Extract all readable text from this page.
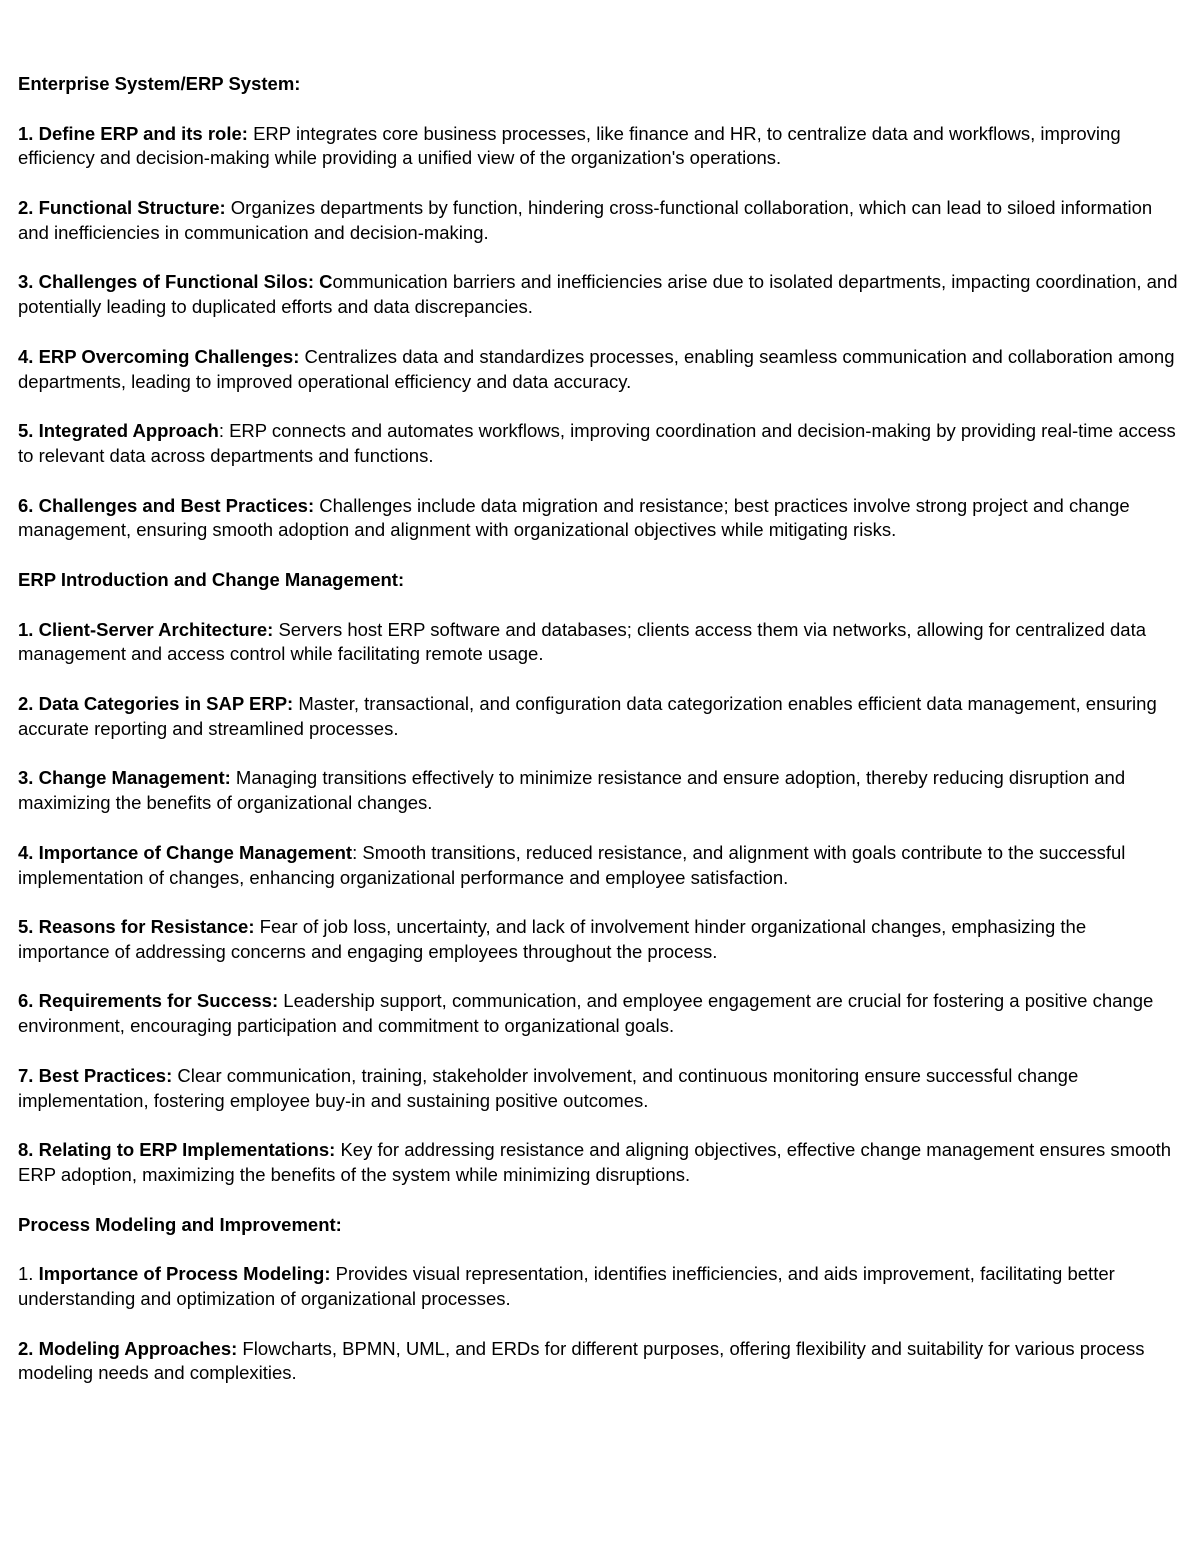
Enterprise System/ERP System:
1. Define ERP and its role: ERP integrates core business processes, like finance and HR, to centralize data and workflows, improving efficiency and decision-making while providing a unified view of the organization's operations.
2. Functional Structure: Organizes departments by function, hindering cross-functional collaboration, which can lead to siloed information and inefficiencies in communication and decision-making.
3. Challenges of Functional Silos: Communication barriers and inefficiencies arise due to isolated departments, impacting coordination, and potentially leading to duplicated efforts and data discrepancies.
4. ERP Overcoming Challenges: Centralizes data and standardizes processes, enabling seamless communication and collaboration among departments, leading to improved operational efficiency and data accuracy.
5. Integrated Approach: ERP connects and automates workflows, improving coordination and decision-making by providing real-time access to relevant data across departments and functions.
6. Challenges and Best Practices: Challenges include data migration and resistance; best practices involve strong project and change management, ensuring smooth adoption and alignment with organizational objectives while mitigating risks.
ERP Introduction and Change Management:
1. Client-Server Architecture: Servers host ERP software and databases; clients access them via networks, allowing for centralized data management and access control while facilitating remote usage.
2. Data Categories in SAP ERP: Master, transactional, and configuration data categorization enables efficient data management, ensuring accurate reporting and streamlined processes.
3. Change Management: Managing transitions effectively to minimize resistance and ensure adoption, thereby reducing disruption and maximizing the benefits of organizational changes.
4. Importance of Change Management: Smooth transitions, reduced resistance, and alignment with goals contribute to the successful implementation of changes, enhancing organizational performance and employee satisfaction.
5. Reasons for Resistance: Fear of job loss, uncertainty, and lack of involvement hinder organizational changes, emphasizing the importance of addressing concerns and engaging employees throughout the process.
6. Requirements for Success: Leadership support, communication, and employee engagement are crucial for fostering a positive change environment, encouraging participation and commitment to organizational goals.
7. Best Practices: Clear communication, training, stakeholder involvement, and continuous monitoring ensure successful change implementation, fostering employee buy-in and sustaining positive outcomes.
8. Relating to ERP Implementations: Key for addressing resistance and aligning objectives, effective change management ensures smooth ERP adoption, maximizing the benefits of the system while minimizing disruptions.
Process Modeling and Improvement:
1. Importance of Process Modeling: Provides visual representation, identifies inefficiencies, and aids improvement, facilitating better understanding and optimization of organizational processes.
2. Modeling Approaches: Flowcharts, BPMN, UML, and ERDs for different purposes, offering flexibility and suitability for various process modeling needs and complexities.
